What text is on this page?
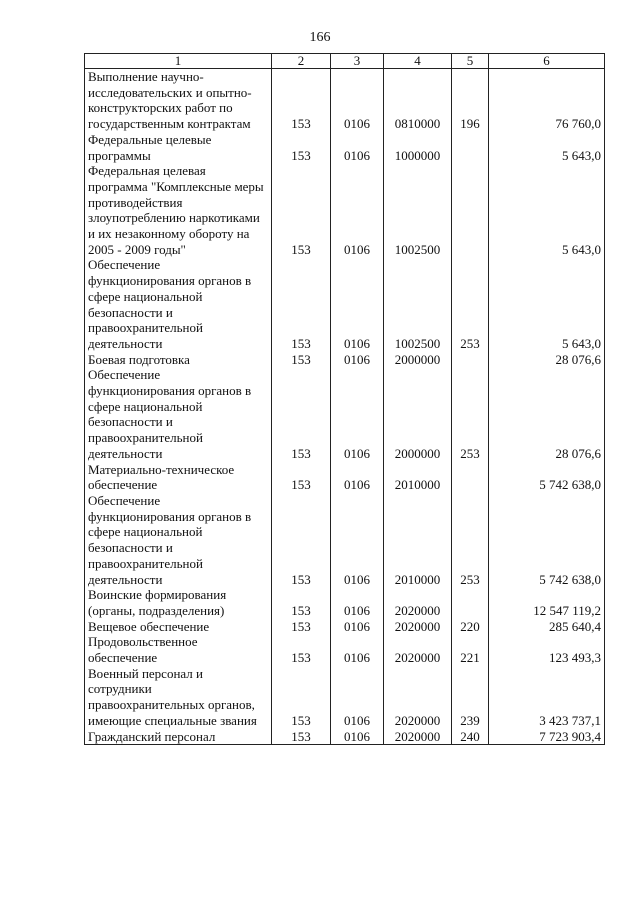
166
1	2	3	4	5	6
Выполнение научно-исследовательских и опытно-конструкторских работ по государственным контрактам	153	0106	0810000	196	76 760,0
Федеральные целевые программы	153	0106	1000000		5 643,0
Федеральная целевая программа "Комплексные меры противодействия злоупотреблению наркотиками и их незаконному обороту на 2005 - 2009 годы"	153	0106	1002500		5 643,0
Обеспечение функционирования органов в сфере национальной безопасности и правоохранительной деятельности	153	0106	1002500	253	5 643,0
Боевая подготовка	153	0106	2000000		28 076,6
Обеспечение функционирования органов в сфере национальной безопасности и правоохранительной деятельности	153	0106	2000000	253	28 076,6
Материально-техническое обеспечение	153	0106	2010000		5 742 638,0
Обеспечение функционирования органов в сфере национальной безопасности и правоохранительной деятельности	153	0106	2010000	253	5 742 638,0
Воинские формирования (органы, подразделения)	153	0106	2020000		12 547 119,2
Вещевое обеспечение	153	0106	2020000	220	285 640,4
Продовольственное обеспечение	153	0106	2020000	221	123 493,3
Военный персонал и сотрудники правоохранительных органов, имеющие специальные звания	153	0106	2020000	239	3 423 737,1
Гражданский персонал	153	0106	2020000	240	7 723 903,4
